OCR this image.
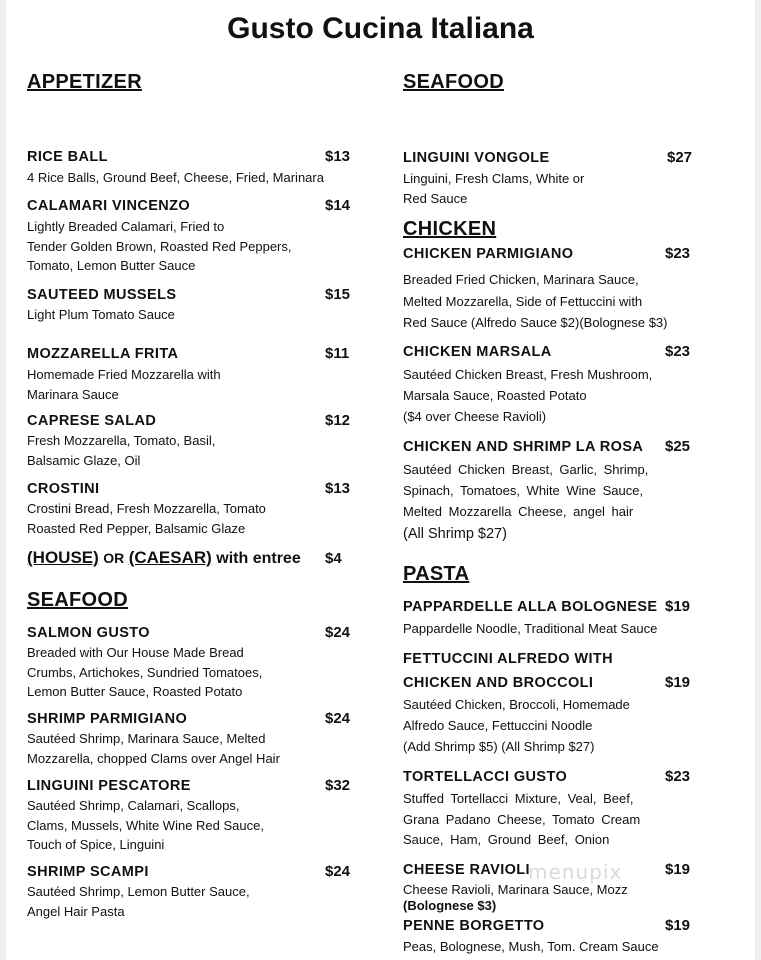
Gusto Cucina Italiana
APPETIZER
RICE BALL	$13
4 Rice Balls, Ground Beef, Cheese, Fried, Marinara
CALAMARI VINCENZO	$14
Lightly Breaded Calamari, Fried to
Tender Golden Brown, Roasted Red Peppers,
Tomato, Lemon Butter Sauce
SAUTEED MUSSELS	$15
Light Plum Tomato Sauce
MOZZARELLA FRITA	$11
Homemade Fried Mozzarella with
Marinara Sauce
CAPRESE SALAD	$12
Fresh Mozzarella, Tomato, Basil,
Balsamic Glaze, Oil
CROSTINI	$13
Crostini Bread, Fresh Mozzarella, Tomato
Roasted Red Pepper, Balsamic Glaze
(HOUSE) OR (CAESAR) with entree $4
SEAFOOD
SALMON GUSTO	$24
Breaded with Our House Made Bread
Crumbs, Artichokes, Sundried Tomatoes,
Lemon Butter Sauce, Roasted Potato
SHRIMP PARMIGIANO	$24
Sautéed Shrimp, Marinara Sauce, Melted
Mozzarella, chopped Clams over Angel Hair
LINGUINI PESCATORE	$32
Sautéed Shrimp, Calamari, Scallops,
Clams, Mussels, White Wine Red Sauce,
Touch of Spice, Linguini
SHRIMP SCAMPI	$24
Sautéed Shrimp, Lemon Butter Sauce,
Angel Hair Pasta
SEAFOOD
LINGUINI VONGOLE	$27
Linguini, Fresh Clams, White or
Red Sauce
CHICKEN
CHICKEN PARMIGIANO	$23
Breaded Fried Chicken, Marinara Sauce,
Melted Mozzarella, Side of Fettuccini with
Red Sauce (Alfredo Sauce $2)(Bolognese $3)
CHICKEN MARSALA	$23
Sautéed Chicken Breast, Fresh Mushroom,
Marsala Sauce, Roasted Potato
($4 over Cheese Ravioli)
CHICKEN AND SHRIMP LA ROSA $25
Sautéed Chicken Breast, Garlic, Shrimp,
Spinach, Tomatoes, White Wine Sauce,
Melted Mozzarella Cheese, angel hair
(All Shrimp $27)
PASTA
PAPPARDELLE ALLA BOLOGNESE $19
Pappardelle Noodle, Traditional Meat Sauce
FETTUCCINI ALFREDO WITH
CHICKEN AND BROCCOLI	$19
Sautéed Chicken, Broccoli, Homemade
Alfredo Sauce, Fettuccini Noodle
(Add Shrimp $5) (All Shrimp $27)
TORTELLACCI GUSTO	$23
Stuffed Tortellacci Mixture, Veal, Beef,
Grana Padano Cheese, Tomato Cream
Sauce, Ham, Ground Beef, Onion
CHEESE RAVIOLI	$19
Cheese Ravioli, Marinara Sauce, Mozz
(Bolognese $3)
PENNE BORGETTO	$19
Peas, Bolognese, Mush, Tom. Cream Sauce
menupix
